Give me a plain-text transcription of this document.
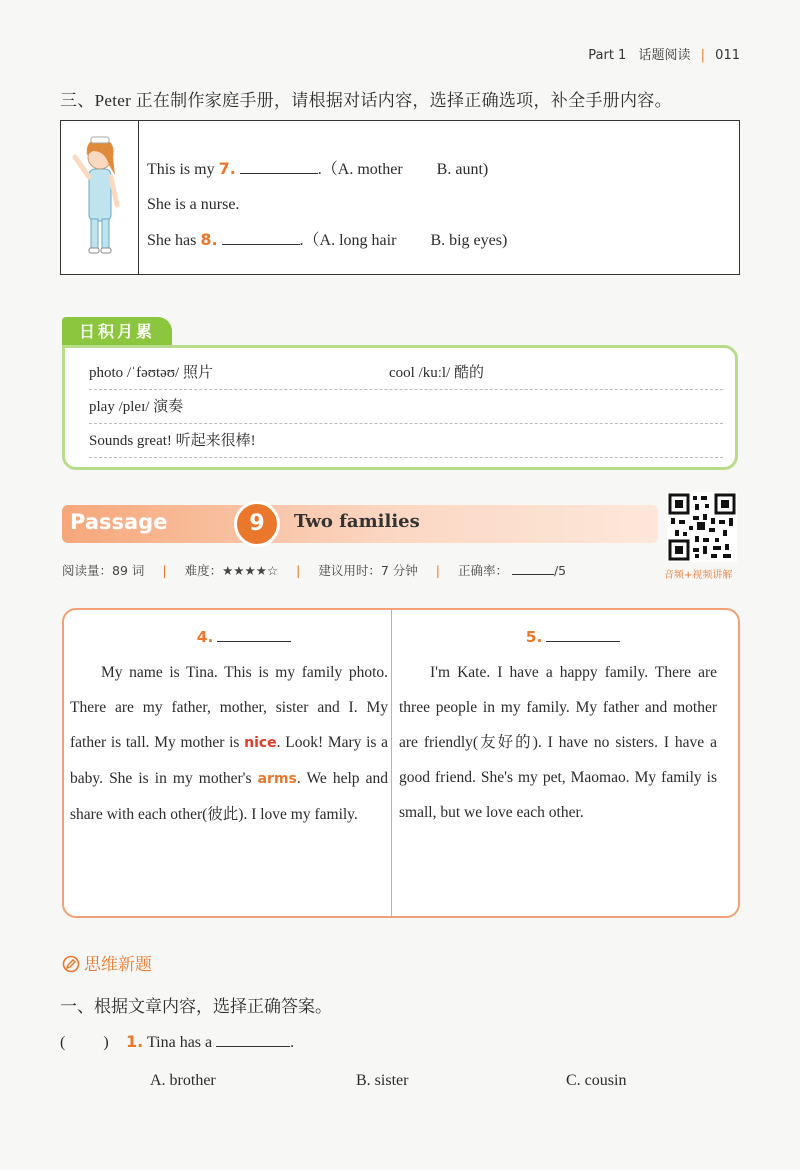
Part 1 话题阅读 | 011
三、Peter 正在制作家庭手册，请根据对话内容，选择正确选项，补全手册内容。
This is my 7.	.（A. mother B. aunt)
She is a nurse.
She has 8.	.（A. long hair B. big eyes)
日积月累
photo /ˈfəʊtəʊ/ 照片	cool /kuːl/ 酷的
play /pleɪ/ 演奏
Sounds great! 听起来很棒!
Passage	9	Two families
音频+视频讲解
阅读量：89 词 | 难度：★★★★☆ | 建议用时：7 分钟 | 正确率：	/5
4.

My name is Tina. This is my family photo. There are my father, mother, sister and I. My father is tall. My mother is nice. Look! Mary is a baby. She is in my mother's arms. We help and share with each other(彼此). I love my family.

5.

I'm Kate. I have a happy family. There are three people in my family. My father and mother are friendly(友好的). I have no sisters. I have a good friend. She's my pet, Maomao. My family is small, but we love each other.

思维新题
一、根据文章内容，选择正确答案。
( ) 1. Tina has a	.
A. brother	B. sister	C. cousin
